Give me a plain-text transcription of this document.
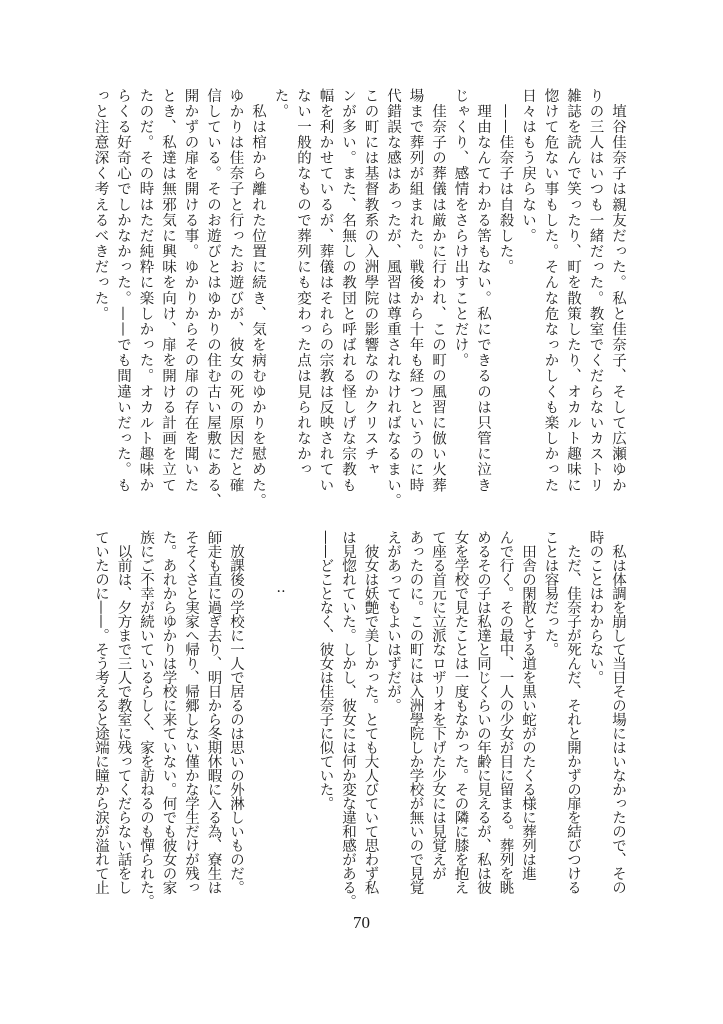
　埴谷佳奈子は親友だった。私と佳奈子、そして広瀬ゆか
りの三人はいつも一緒だった。教室でくだらないカストリ
雑誌を読んで笑ったり、町を散策したり、オカルト趣味に
惚けて危ない事もした。そんな危なっかしくも楽しかった
日々はもう戻らない。
　——佳奈子は自殺した。
　理由なんてわかる筈もない。私にできるのは只管に泣き
じゃくり、感情をさらけ出すことだけ。
　佳奈子の葬儀は厳かに行われ、この町の風習に倣い火葬
場まで葬列が組まれた。戦後から十年も経つというのに時
代錯誤な感はあったが、風習は尊重されなければなるまい。
この町には基督教系の入洲學院の影響なのかクリスチャ
ンが多い。また、名無しの教団と呼ばれる怪しげな宗教も
幅を利かせているが、葬儀はそれらの宗教は反映されてい
ない一般的なもので葬列にも変わった点は見られなかっ
た。
　私は棺から離れた位置に続き、気を病むゆかりを慰めた。
ゆかりは佳奈子と行ったお遊びが、彼女の死の原因だと確
信している。そのお遊びとはゆかりの住む古い屋敷にある、
開かずの扉を開ける事。ゆかりからその扉の存在を聞いた
とき、私達は無邪気に興味を向け、扉を開ける計画を立て
たのだ。その時はただ純粋に楽しかった。オカルト趣味か
らくる好奇心でしかなかった。——でも間違いだった。も
っと注意深く考えるべきだった。
　私は体調を崩して当日その場にはいなかったので、その
時のことはわからない。
　ただ、佳奈子が死んだ、それと開かずの扉を結びつける
ことは容易だった。
　田舎の閑散とする道を黒い蛇がのたくる様に葬列は進
んで行く。その最中、一人の少女が目に留まる。葬列を眺
めるその子は私達と同じくらいの年齢に見えるが、私は彼
女を学校で見たことは一度もなかった。その隣に膝を抱え
て座る首元に立派なロザリオを下げた少女には見覚えが
あったのに。この町には入洲學院しか学校が無いので見覚
えがあってもよいはずだが。
　彼女は妖艶で美しかった。とても大人びていて思わず私
は見惚れていた。しかし、彼女には何か変な違和感がある。
——どことなく、彼女は佳奈子に似ていた。
‥
　放課後の学校に一人で居るのは思いの外淋しいものだ。
師走も直に過ぎ去り、明日から冬期休暇に入る為、寮生は
そそくさと実家へ帰り、帰郷しない僅かな学生だけが残っ
た。あれからゆかりは学校に来ていない。何でも彼女の家
族にご不幸が続いているらしく、家を訪ねるのも憚られた。
　以前は、夕方まで三人で教室に残ってくだらない話をし
ていたのに——。そう考えると途端に瞳から涙が溢れて止
70
